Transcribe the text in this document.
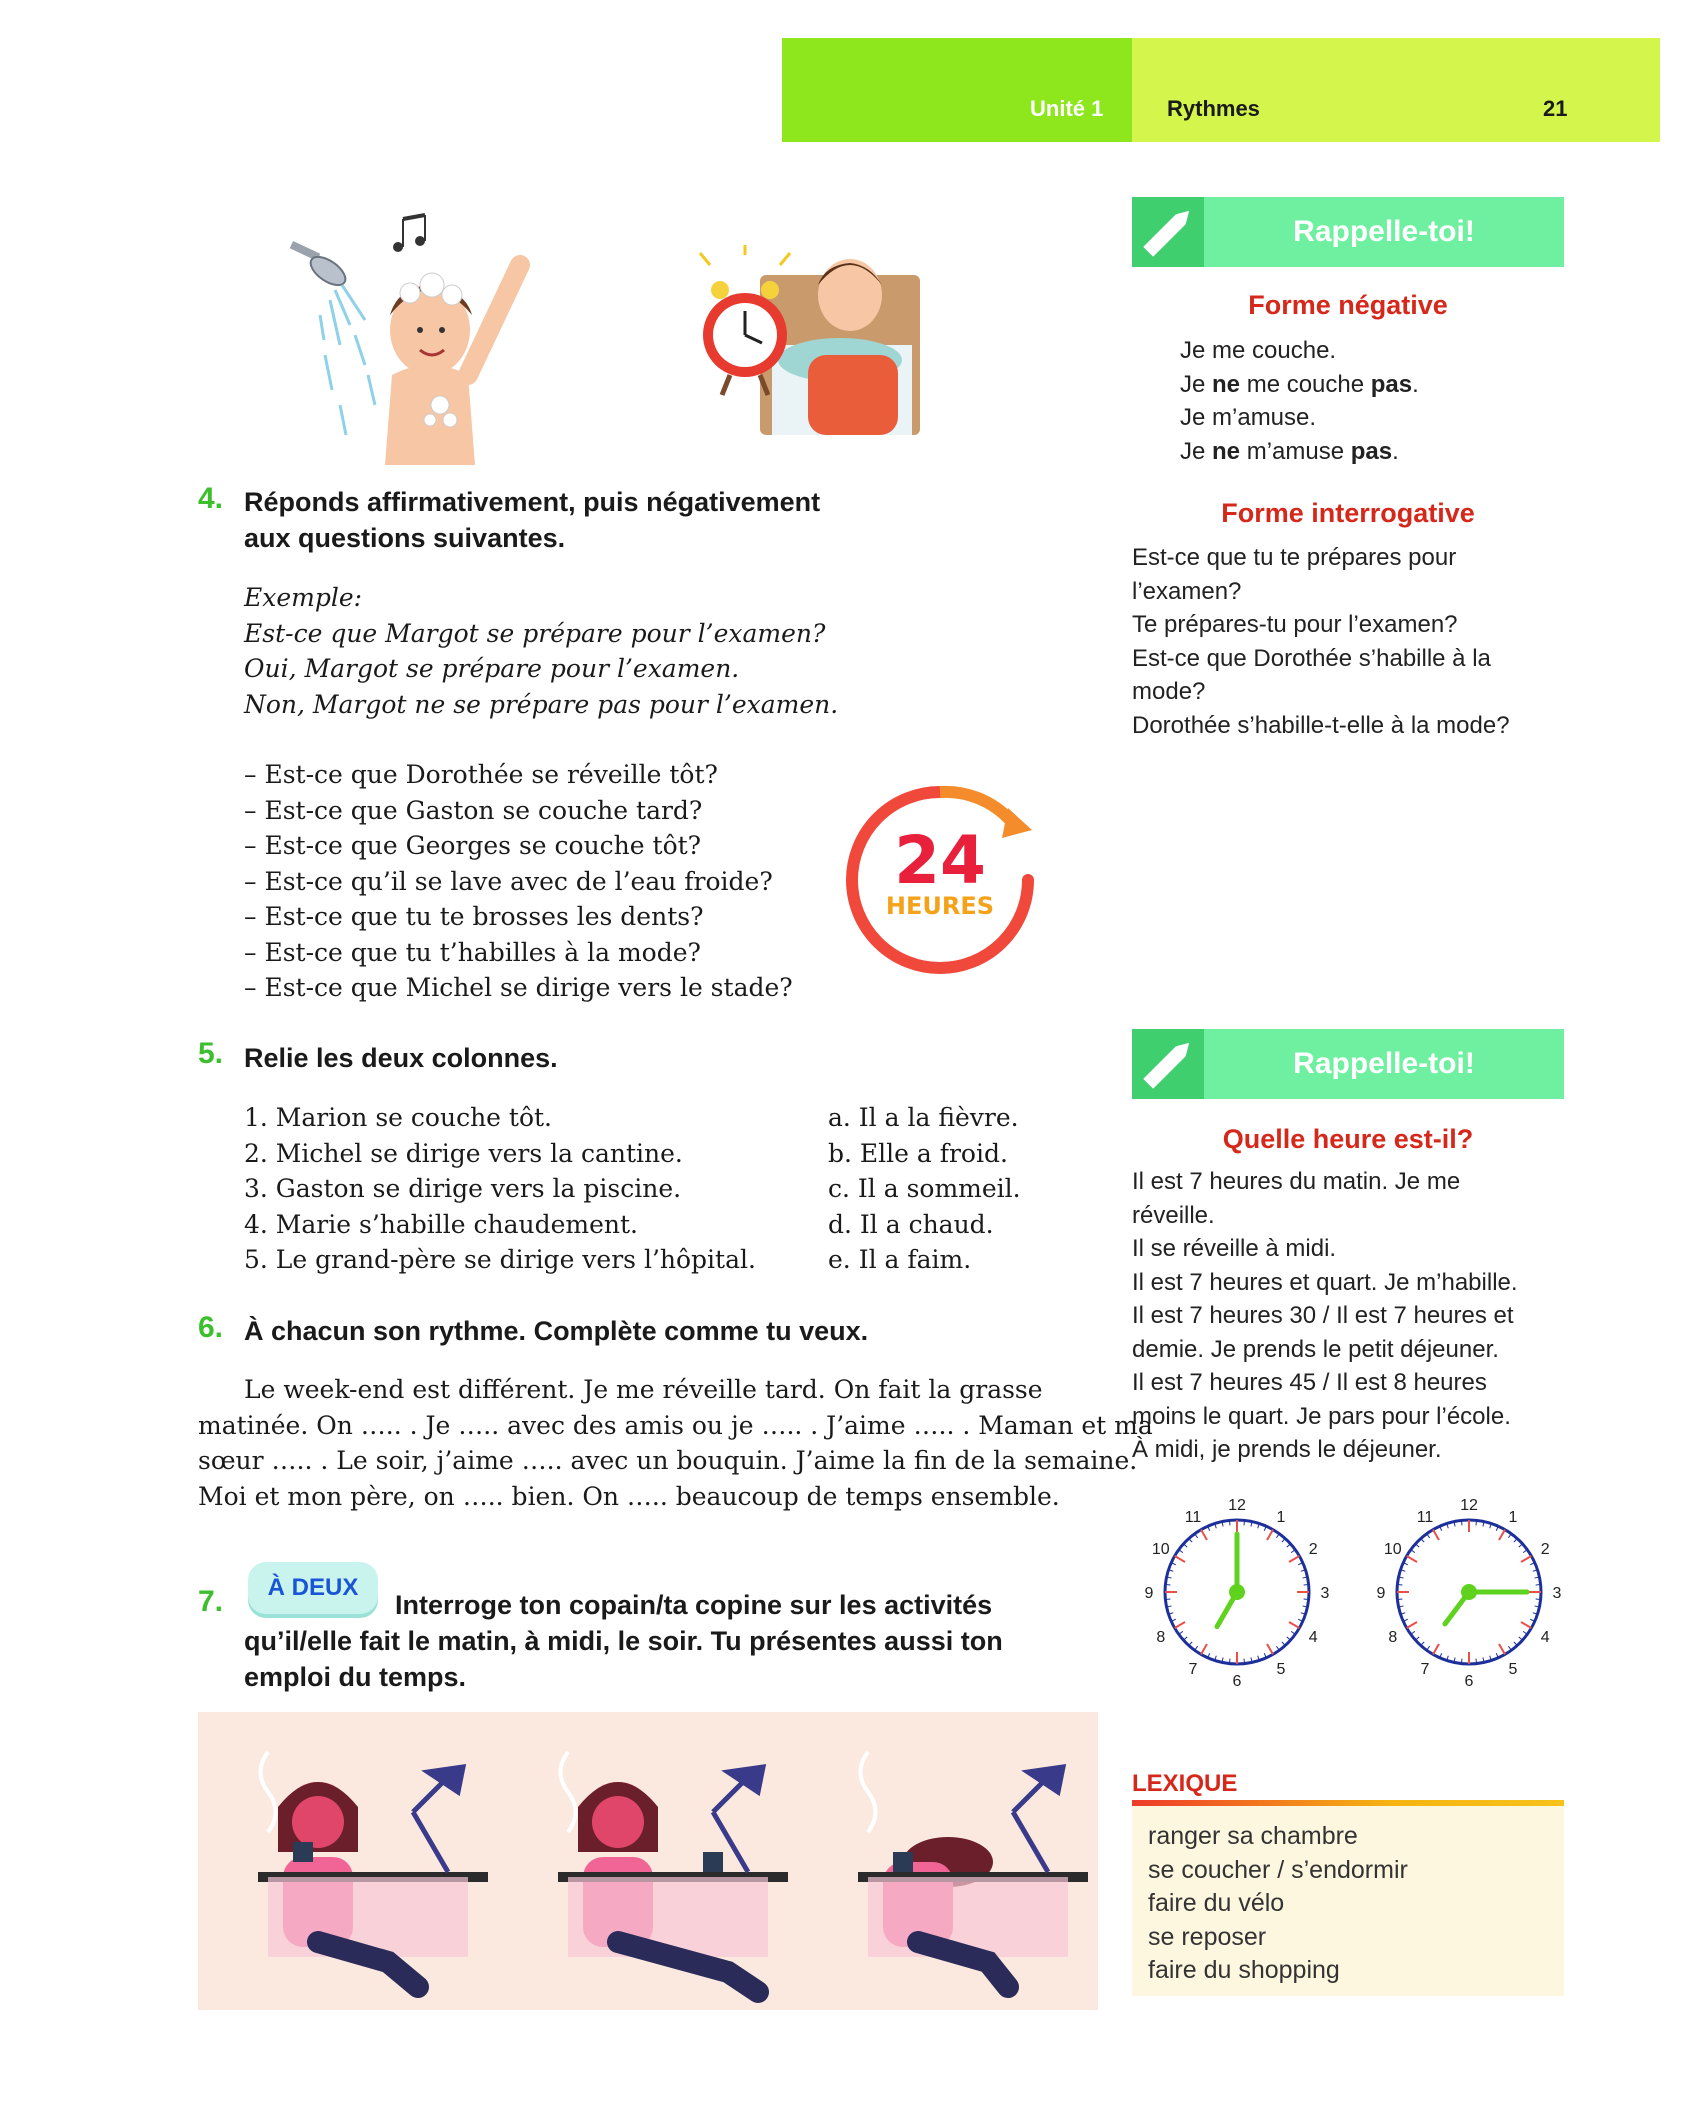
Unité 1	Rythmes	21
4. Réponds affirmativement, puis négativement
aux questions suivantes.
Exemple:
Est-ce que Margot se prépare pour l’examen?
Oui, Margot se prépare pour l’examen.
Non, Margot ne se prépare pas pour l’examen.
– Est-ce que Dorothée se réveille tôt?
– Est-ce que Gaston se couche tard?
– Est-ce que Georges se couche tôt?
– Est-ce qu’il se lave avec de l’eau froide?
– Est-ce que tu te brosses les dents?
– Est-ce que tu t’habilles à la mode?
– Est-ce que Michel se dirige vers le stade?
24
HEURES
5. Relie les deux colonnes.
1. Marion se couche tôt.
2. Michel se dirige vers la cantine.
3. Gaston se dirige vers la piscine.
4. Marie s’habille chaudement.
5. Le grand-père se dirige vers l’hôpital.
a. Il a la fièvre.
b. Elle a froid.
c. Il a sommeil.
d. Il a chaud.
e. Il a faim.
6. À chacun son rythme. Complète comme tu veux.
Le week-end est différent. Je me réveille tard. On fait la grasse
matinée. On ….. . Je ….. avec des amis ou je ….. . J’aime ….. . Maman et ma
sœur ….. . Le soir, j’aime ….. avec un bouquin. J’aime la fin de la semaine.
Moi et mon père, on ….. bien. On ….. beaucoup de temps ensemble.
7.	À DEUX
Interroge ton copain/ta copine sur les activités
qu’il/elle fait le matin, à midi, le soir. Tu présentes aussi ton
emploi du temps.
Rappelle-toi!
Forme négative
Je me couche.
Je ne me couche pas.
Je m’amuse.
Je ne m’amuse pas.
Forme interrogative
Est-ce que tu te prépares pour
l’examen?
Te prépares-tu pour l’examen?
Est-ce que Dorothée s’habille à la
mode?
Dorothée s’habille-t-elle à la mode?
Rappelle-toi!
Quelle heure est-il?
Il est 7 heures du matin. Je me
réveille.
Il se réveille à midi.
Il est 7 heures et quart. Je m’habille.
Il est 7 heures 30 / Il est 7 heures et
demie. Je prends le petit déjeuner.
Il est 7 heures 45 / Il est 8 heures
moins le quart. Je pars pour l’école.
À midi, je prends le déjeuner.
12
1
2
3
4
5
6
7
8
9
10
11
12
1
2
3
4
5
6
7
8
9
10
11
LEXIQUE
ranger sa chambre
se coucher / s’endormir
faire du vélo
se reposer
faire du shopping
